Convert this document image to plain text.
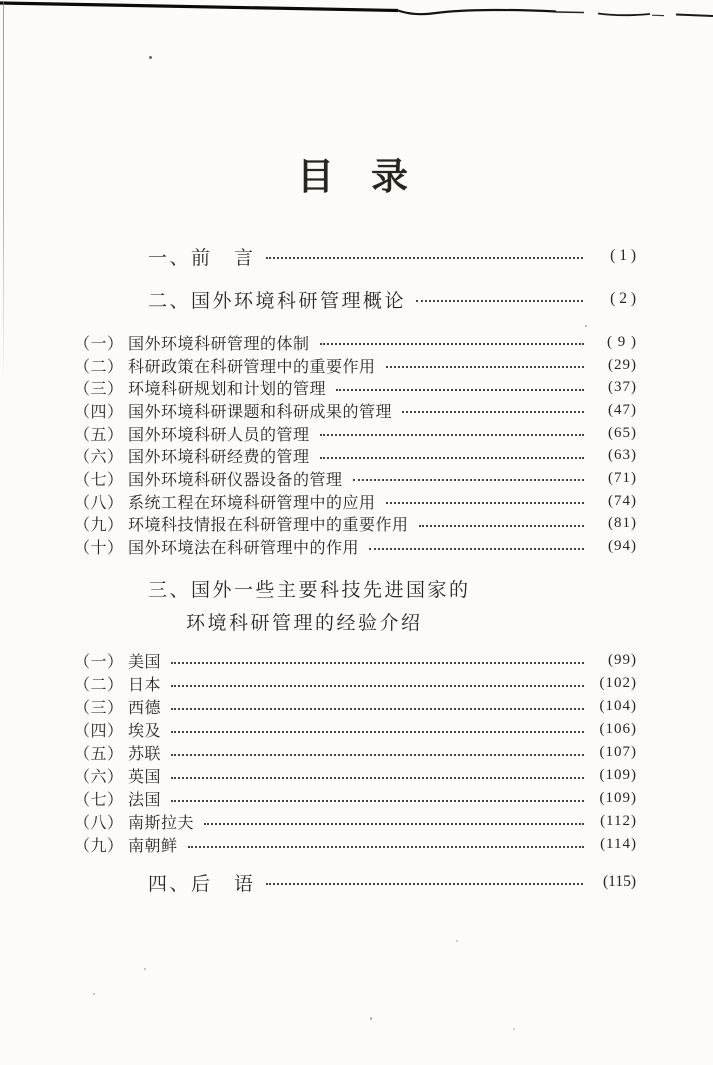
目　录
一、前　言	( 1 )
二、国外环境科研管理概论	( 2 )
（一） 国外环境科研管理的体制	( 9 )
（二） 科研政策在科研管理中的重要作用	(29)
（三） 环境科研规划和计划的管理	(37)
（四） 国外环境科研课题和科研成果的管理	(47)
（五） 国外环境科研人员的管理	(65)
（六） 国外环境科研经费的管理	(63)
（七） 国外环境科研仪器设备的管理	(71)
（八） 系统工程在环境科研管理中的应用	(74)
（九） 环境科技情报在科研管理中的重要作用	(81)
（十） 国外环境法在科研管理中的作用	(94)
三、国外一些主要科技先进国家的
环境科研管理的经验介绍
（一） 美国	(99)
（二） 日本	(102)
（三） 西德	(104)
（四） 埃及	(106)
（五） 苏联	(107)
（六） 英国	(109)
（七） 法国	(109)
（八） 南斯拉夫	(112)
（九） 南朝鲜	(114)
四、后　语	(115)
